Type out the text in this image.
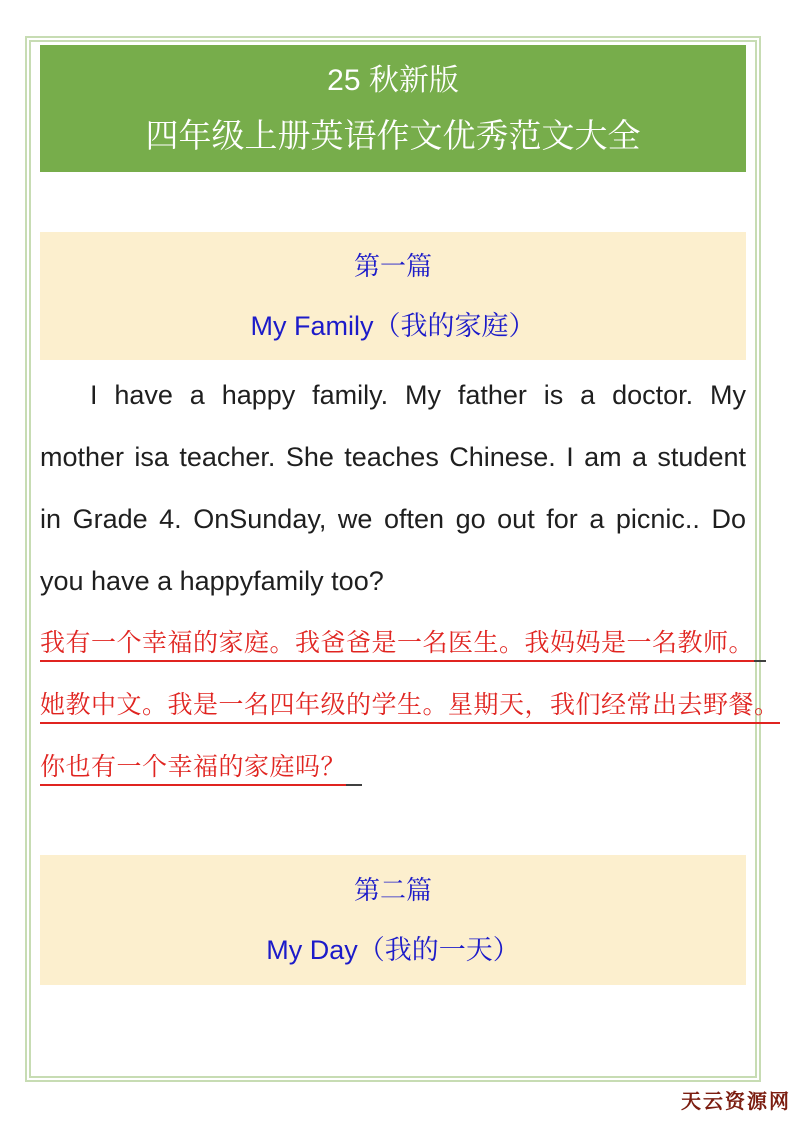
25 秋新版
四年级上册英语作文优秀范文大全
第一篇
My Family（我的家庭）
I have a happy family. My father is a doctor. My
mother isa teacher. She teaches Chinese. I am a student
in Grade 4. OnSunday, we often go out for a picnic.. Do
you have a happyfamily too?
我有一个幸福的家庭。我爸爸是一名医生。我妈妈是一名教师。
她教中文。我是一名四年级的学生。星期天，我们经常出去野餐。
你也有一个幸福的家庭吗？
第二篇
My Day（我的一天）
天云资源网
